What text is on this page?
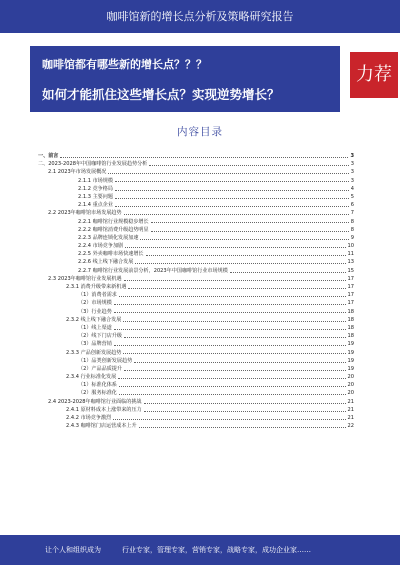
咖啡馆新的增长点分析及策略研究报告
咖啡馆都有哪些新的增长点？？？
如何才能抓住这些增长点？实现逆势增长？
力荐
内容目录
一、前言	3
二、2023-2028年中国咖啡馆行业发展趋势分析	3
2.1 2023年市场发展概况	3
2.1.1 市场规模	3
2.1.2 竞争格局	4
2.1.3 主要问题	5
2.1.4 重点企业	6
2.2 2023年咖啡馆市场发展趋势	7
2.2.1 咖啡馆行业规模稳步增长	8
2.2.2 咖啡馆消费升级趋势明显	8
2.2.3 品牌连锁化发展加速	9
2.2.4 市场竞争加剧	10
2.2.5 外卖咖啡市场快速增长	11
2.2.6 线上线下融合发展	13
2.2.7 咖啡馆行业发展前景分析，2023年中国咖啡馆行业市场规模	15
2.3 2023年咖啡馆行业发展机遇	17
2.3.1 消费升级带来新机遇	17
（1）消费者需求	17
（2）市场规模	17
（3）行业趋势	18
2.3.2 线上线下融合发展	18
（1）线上渠道	18
（2）线下门店升级	18
（3）品牌营销	19
2.3.3 产品创新发展趋势	19
（1）品类创新发展趋势	19
（2）产品品质提升	19
2.3.4 行业标准化发展	20
（1）标准化体系	20
（2）服务标准化	20
2.4 2023-2028年咖啡馆行业面临的挑战	21
2.4.1 原材料成本上涨带来的压力	21
2.4.2 市场竞争激烈	21
2.4.3 咖啡馆门店运营成本上升	22
让个人和组织成为	行业专家，管理专家，营销专家，战略专家，成功企业家……
